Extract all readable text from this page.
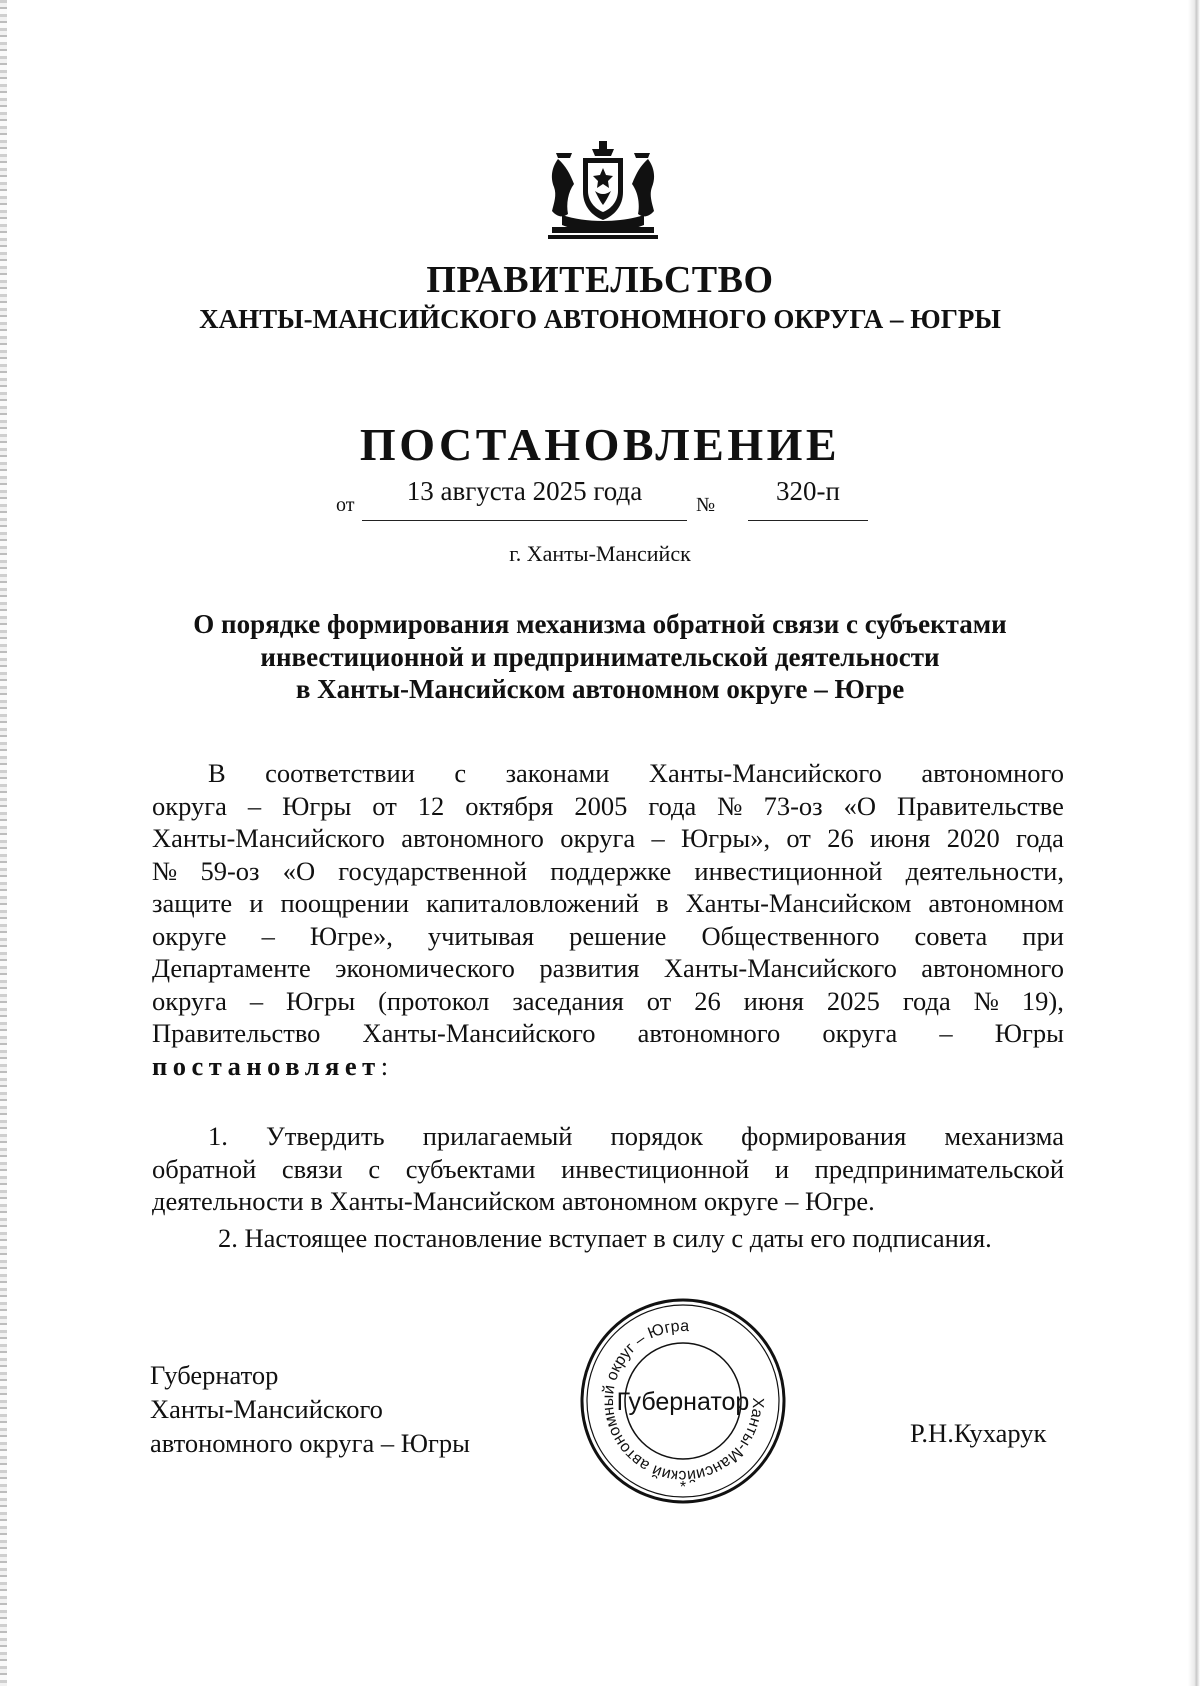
ПРАВИТЕЛЬСТВО
ХАНТЫ-МАНСИЙСКОГО АВТОНОМНОГО ОКРУГА – ЮГРЫ
ПОСТАНОВЛЕНИЕ
от	13 августа 2025 года	№	320-п
г. Ханты-Мансийск
О порядке формирования механизма обратной связи с субъектами
инвестиционной и предпринимательской деятельности
в Ханты-Мансийском автономном округе – Югре
В соответствии с законами Ханты-Мансийского автономного
округа – Югры от 12 октября 2005 года № 73-оз «О Правительстве
Ханты-Мансийского автономного округа – Югры», от 26 июня 2020 года
№ 59-оз «О государственной поддержке инвестиционной деятельности,
защите и поощрении капиталовложений в Ханты-Мансийском автономном
округе – Югре», учитывая решение Общественного совета при
Департаменте экономического развития Ханты-Мансийского автономного
округа – Югры (протокол заседания от 26 июня 2025 года № 19),
Правительство Ханты-Мансийского автономного округа – Югры
постановляет :
1. Утвердить прилагаемый порядок формирования механизма
обратной связи с субъектами инвестиционной и предпринимательской
деятельности в Ханты-Мансийском автономном округе – Югре.
2. Настоящее постановление вступает в силу с даты его подписания.
Губернатор
Ханты-Мансийского
автономного округа – Югры
Ханты-Мансийский автономный округ – Югра
Губернатор
*
Р.Н.Кухарук
